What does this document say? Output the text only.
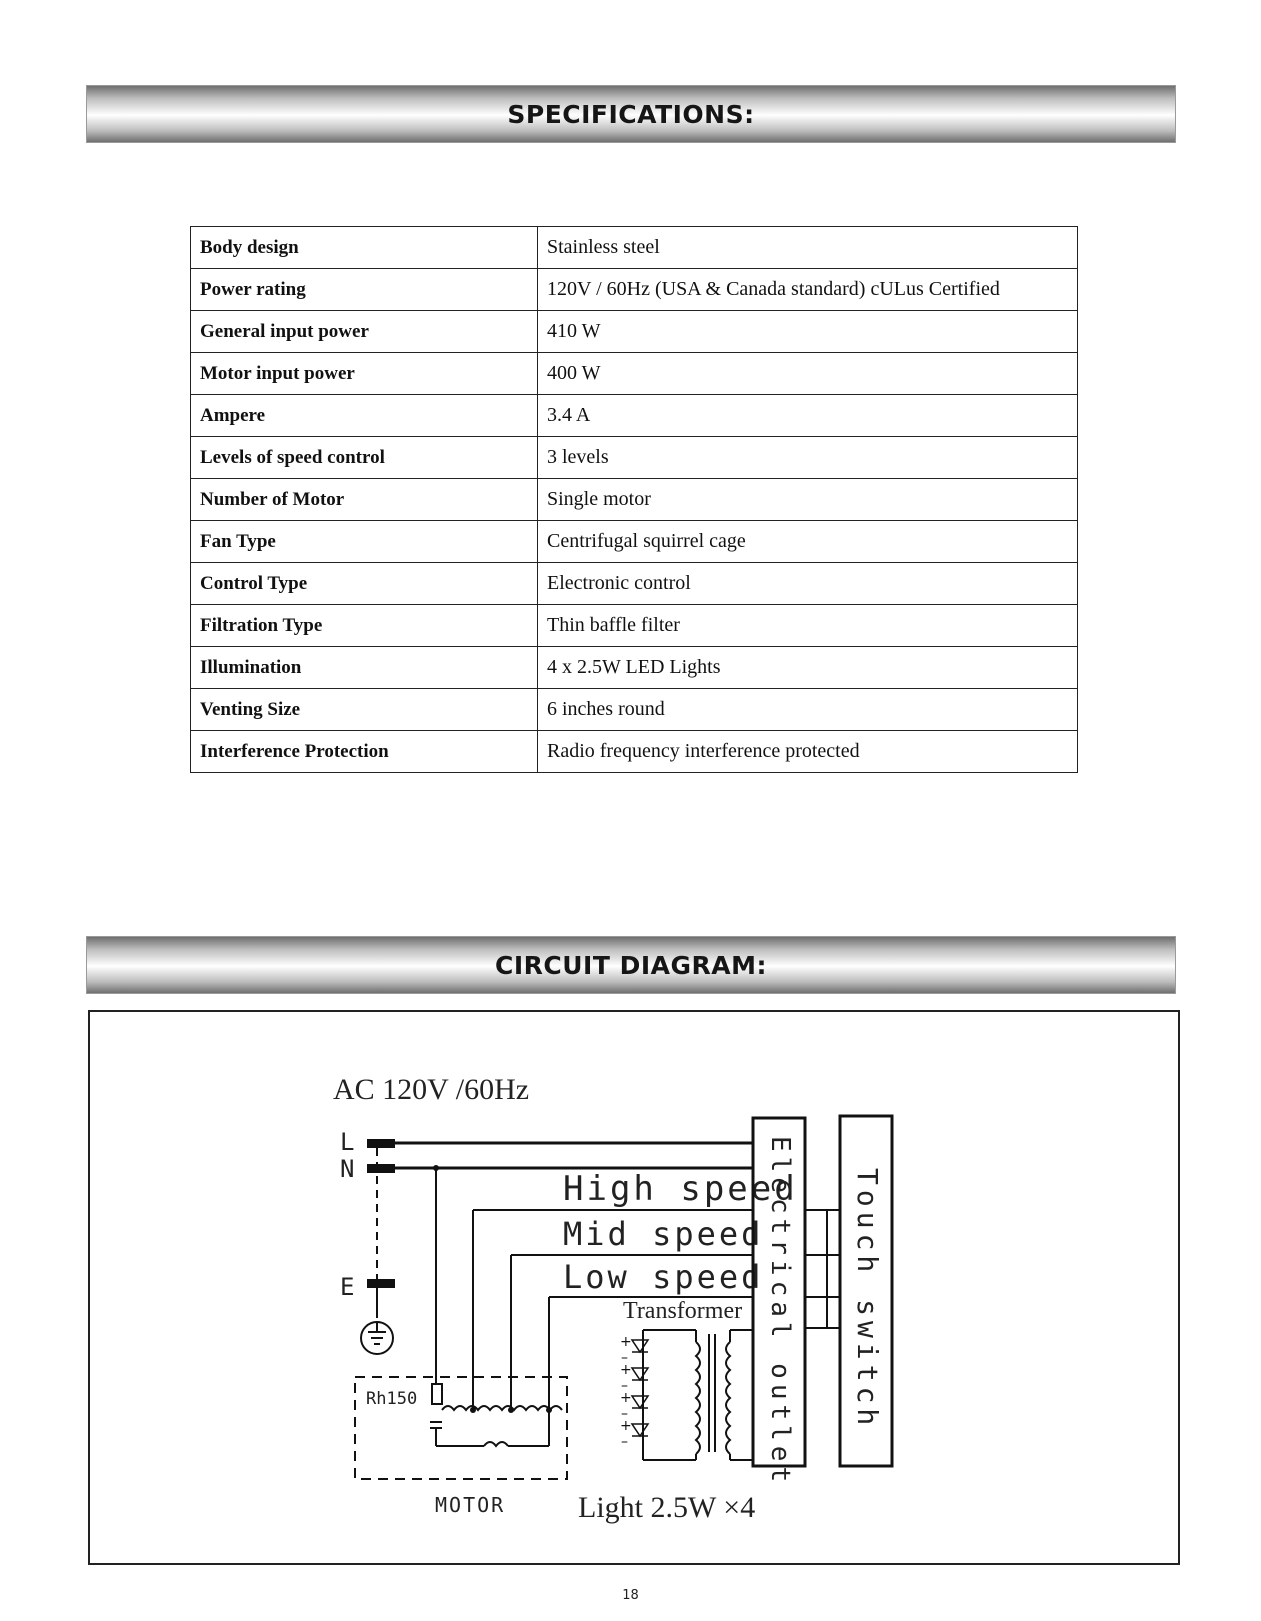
SPECIFICATIONS:
Body design	Stainless steel
Power rating	120V / 60Hz (USA & Canada standard) cULus Certified
General input power	410 W
Motor input power	400 W
Ampere	3.4 A
Levels of speed control	3 levels
Number of Motor	Single motor
Fan Type	Centrifugal squirrel cage
Control Type	Electronic control
Filtration Type	Thin baffle filter
Illumination	4 x 2.5W LED Lights
Venting Size	6 inches round
Interference Protection	Radio frequency interference protected
CIRCUIT DIAGRAM:
AC 120V /60Hz
L
N
E
High speed
Mid speed
Low speed
Rh150
MOTOR
Transformer
+
–
+
–
+
–
+
–
Light 2.5W ×4
Electrical outlet Touch switch
18
